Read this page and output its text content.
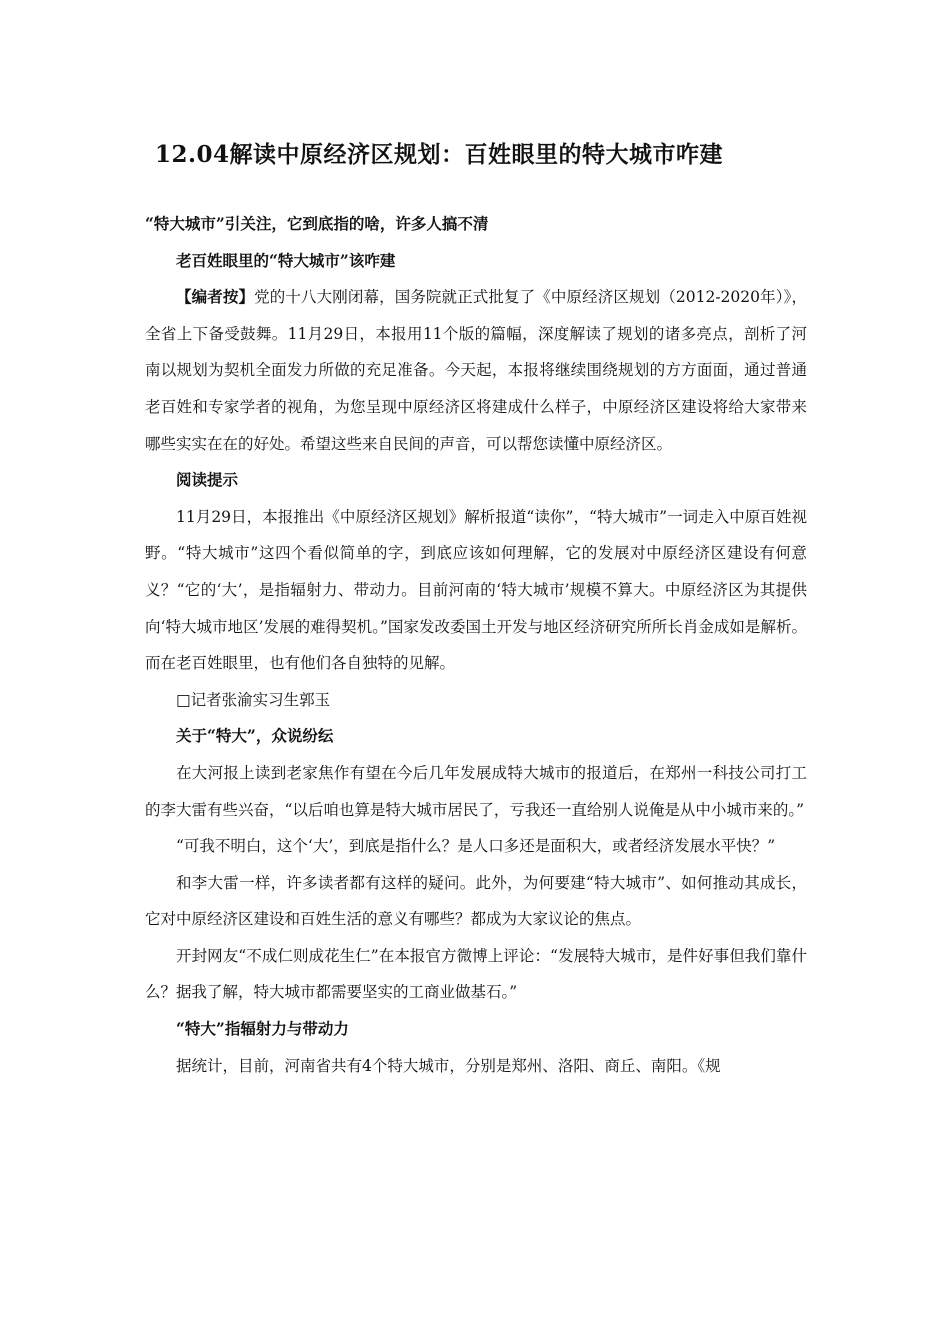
12.04解读中原经济区规划：百姓眼里的特大城市咋建

“特大城市”引关注，它到底指的啥，许多人搞不清

老百姓眼里的“特大城市”该咋建

【编者按】党的十八大刚闭幕，国务院就正式批复了《中原经济区规划（2012-2020年）》，全省上下备受鼓舞。11月29日，本报用11个版的篇幅，深度解读了规划的诸多亮点，剖析了河南以规划为契机全面发力所做的充足准备。今天起，本报将继续围绕规划的方方面面，通过普通老百姓和专家学者的视角，为您呈现中原经济区将建成什么样子，中原经济区建设将给大家带来哪些实实在在的好处。希望这些来自民间的声音，可以帮您读懂中原经济区。

阅读提示

11月29日，本报推出《中原经济区规划》解析报道“读你”，“特大城市”一词走入中原百姓视野。“特大城市”这四个看似简单的字，到底应该如何理解，它的发展对中原经济区建设有何意义？“它的‘大’，是指辐射力、带动力。目前河南的‘特大城市’规模不算大。中原经济区为其提供向‘特大城市地区’发展的难得契机。”国家发改委国土开发与地区经济研究所所长肖金成如是解析。而在老百姓眼里，也有他们各自独特的见解。

□记者张渝实习生郭玉

关于“特大”，众说纷纭

在大河报上读到老家焦作有望在今后几年发展成特大城市的报道后，在郑州一科技公司打工的李大雷有些兴奋，“以后咱也算是特大城市居民了，亏我还一直给别人说俺是从中小城市来的。”

“可我不明白，这个‘大’，到底是指什么？是人口多还是面积大，或者经济发展水平快？”

和李大雷一样，许多读者都有这样的疑问。此外，为何要建“特大城市”、如何推动其成长，它对中原经济区建设和百姓生活的意义有哪些？都成为大家议论的焦点。

开封网友“不成仁则成花生仁”在本报官方微博上评论：“发展特大城市，是件好事但我们靠什么？据我了解，特大城市都需要坚实的工商业做基石。”

“特大”指辐射力与带动力

据统计，目前，河南省共有4个特大城市，分别是郑州、洛阳、商丘、南阳。《规
